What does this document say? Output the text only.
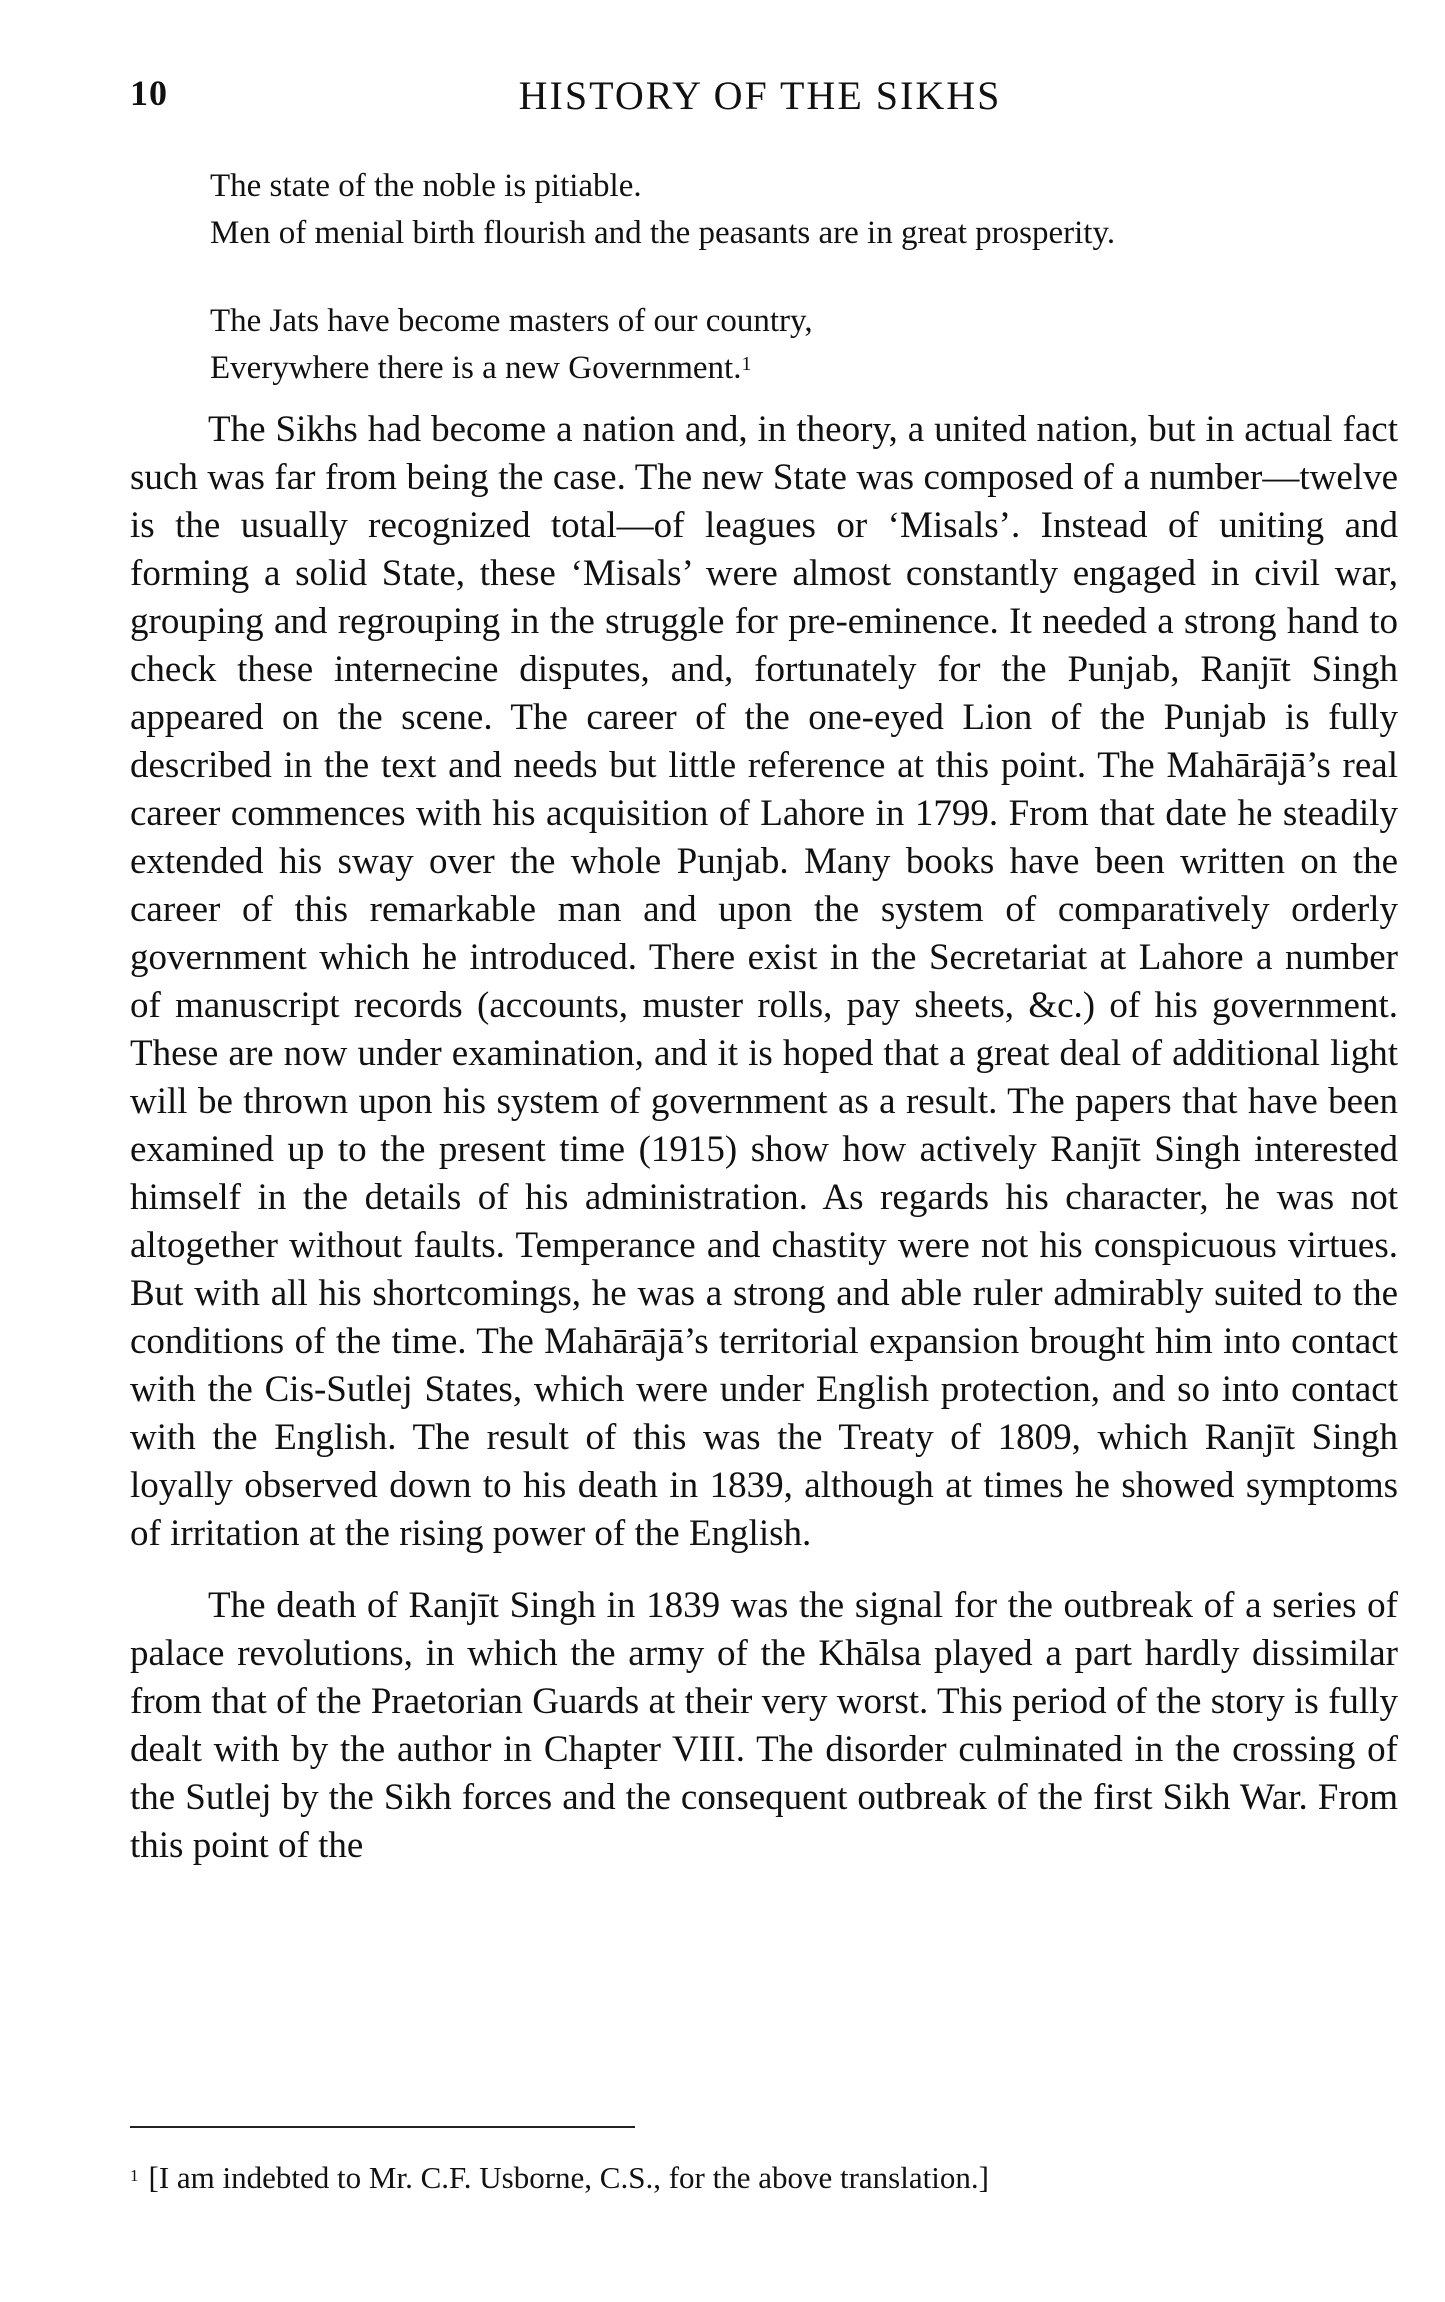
10	HISTORY OF THE SIKHS
The state of the noble is pitiable.
Men of menial birth flourish and the peasants are in great prosperity.
The Jats have become masters of our country,
Everywhere there is a new Government.$^1$

The Sikhs had become a nation and, in theory, a united nation, but in actual fact such was far from being the case. The new State was composed of a number—twelve is the usually recognized total—of leagues or ‘Misals’. Instead of uniting and forming a solid State, these ‘Misals’ were almost constantly engaged in civil war, grouping and regrouping in the struggle for pre-eminence. It needed a strong hand to check these internecine disputes, and, fortunately for the Punjab, Ranjīt Singh appeared on the scene. The career of the one-eyed Lion of the Punjab is fully described in the text and needs but little reference at this point. The Mahārājā’s real career commences with his acquisition of Lahore in 1799. From that date he steadily extended his sway over the whole Punjab. Many books have been written on the career of this remarkable man and upon the system of comparatively orderly government which he introduced. There exist in the Secretariat at Lahore a number of manuscript records (accounts, muster rolls, pay sheets, &c.) of his government. These are now under examination, and it is hoped that a great deal of additional light will be thrown upon his system of government as a result. The papers that have been examined up to the present time (1915) show how actively Ranjīt Singh interested himself in the details of his administration. As regards his character, he was not altogether without faults. Temperance and chastity were not his conspicuous virtues. But with all his shortcomings, he was a strong and able ruler admirably suited to the conditions of the time. The Mahārājā’s territorial expansion brought him into contact with the Cis-Sutlej States, which were under English protection, and so into contact with the English. The result of this was the Treaty of 1809, which Ranjīt Singh loyally observed down to his death in 1839, although at times he showed symptoms of irritation at the rising power of the English.

The death of Ranjīt Singh in 1839 was the signal for the outbreak of a series of palace revolutions, in which the army of the Khālsa played a part hardly dissimilar from that of the Praetorian Guards at their very worst. This period of the story is fully dealt with by the author in Chapter VIII. The disorder culminated in the crossing of the Sutlej by the Sikh forces and the consequent outbreak of the first Sikh War. From this point of the

$^1$ [I am indebted to Mr. C.F. Usborne, C.S., for the above translation.]
